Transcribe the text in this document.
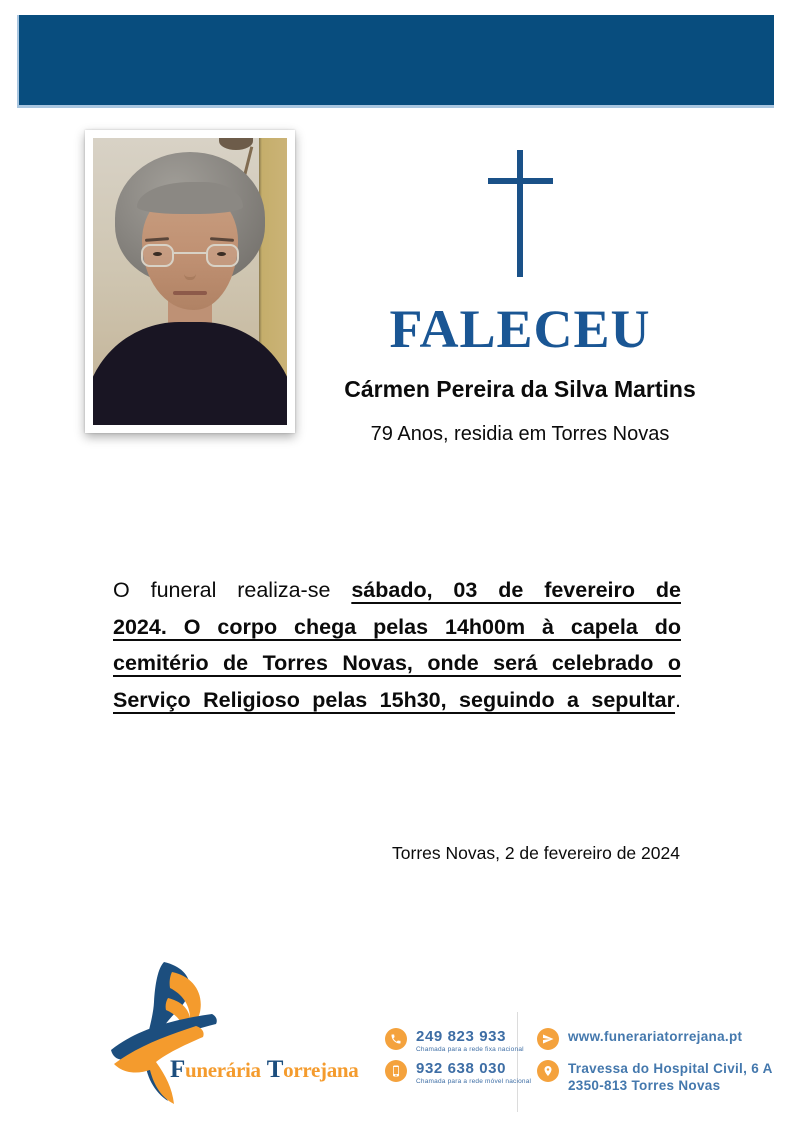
FALECEU
Cármen Pereira da Silva Martins
79 Anos, residia em Torres Novas
O funeral realiza-se sábado, 03 de fevereiro de
2024. O corpo chega pelas 14h00m à capela do
cemitério de Torres Novas, onde será celebrado o
Serviço Religioso pelas 15h30, seguindo a sepultar.
Torres Novas, 2 de fevereiro de 2024
Funerária Torrejana
249 823 933
Chamada para a rede fixa nacional
932 638 030
Chamada para a rede móvel nacional
www.funerariatorrejana.pt
Travessa do Hospital Civil, 6 A
2350-813 Torres Novas
